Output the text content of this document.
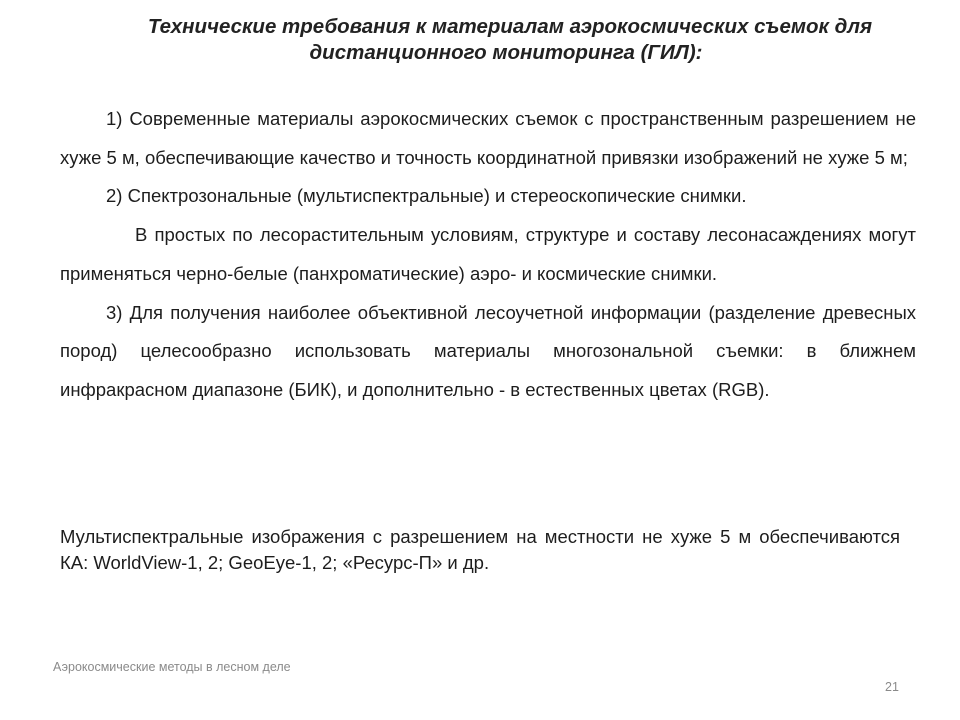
Технические требования к материалам аэрокосмических съемок для
дистанционного мониторинга (ГИЛ):

1) Современные материалы аэрокосмических съемок с пространственным разрешением не хуже 5 м, обеспечивающие качество и точность координатной привязки изображений не хуже 5 м;

2) Спектрозональные (мультиспектральные) и стереоскопические снимки.

В простых по лесорастительным условиям, структуре и составу лесонасаждениях могут применяться черно-белые (панхроматические) аэро- и космические снимки.

3) Для получения наиболее объективной лесоучетной информации (разделение древесных пород) целесообразно использовать материалы многозональной съемки: в ближнем инфракрасном диапазоне (БИК), и дополнительно - в естественных цветах (RGB).

Мультиспектральные изображения с разрешением на местности не хуже 5 м обеспечиваются КА: WorldView-1, 2; GeoEye-1, 2; «Ресурс-П» и др.
Аэрокосмические методы в лесном деле
21
